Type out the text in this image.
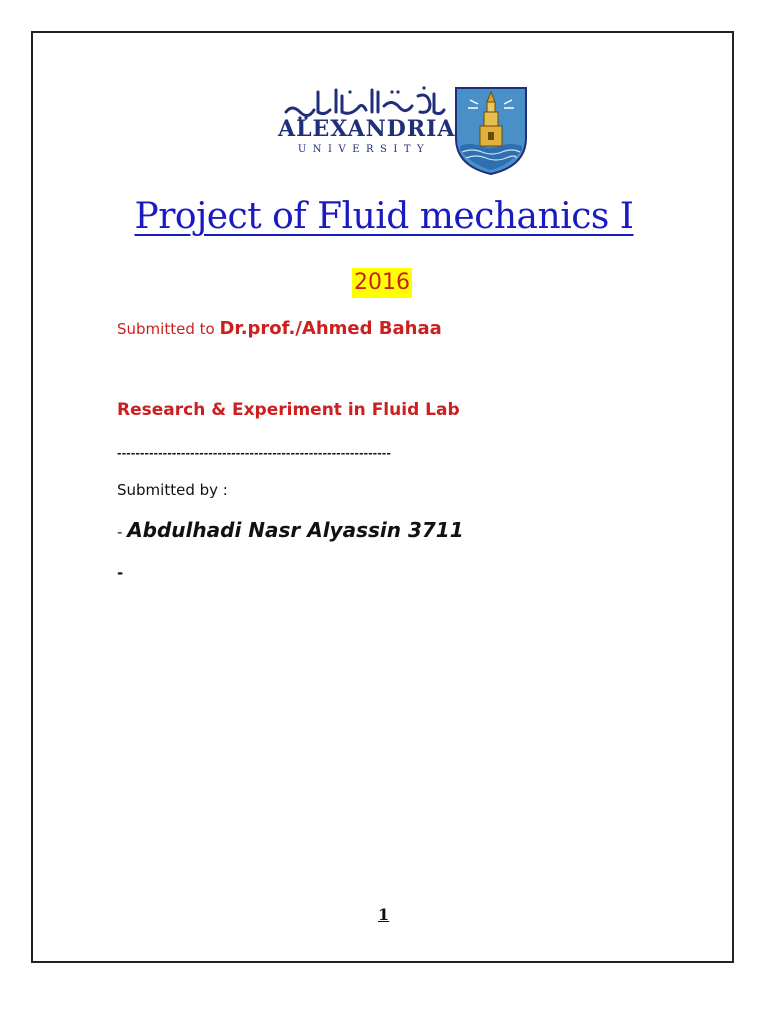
ALEXANDRIA
UNIVERSITY
Project of Fluid mechanics I
2016
Submitted to Dr.prof./Ahmed Bahaa
Research & Experiment in Fluid Lab
------------------------------------------------------------
Submitted by :
- Abdulhadi Nasr Alyassin 3711
-
1
